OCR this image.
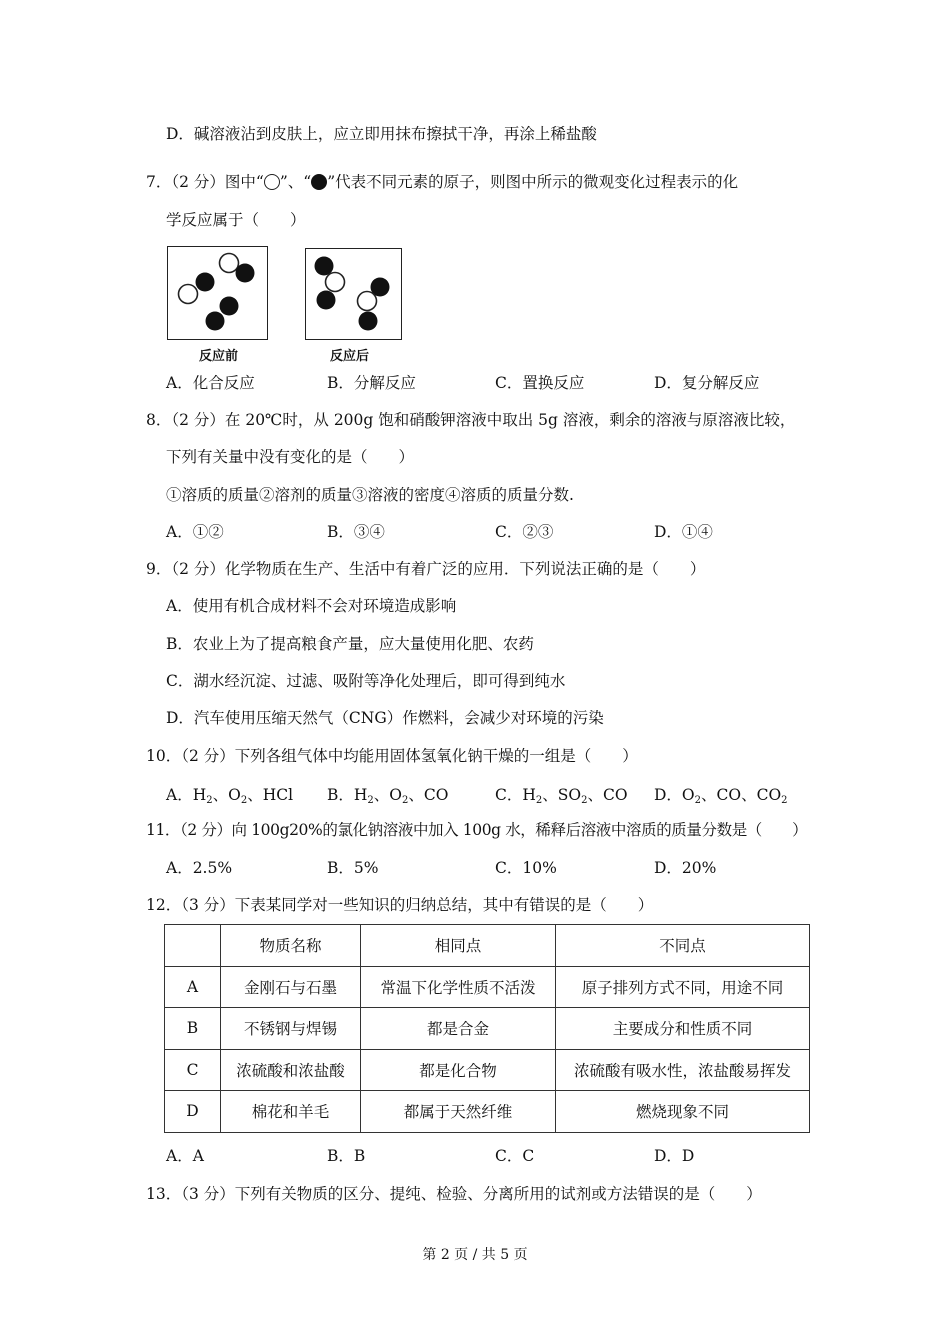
D．碱溶液沾到皮肤上，应立即用抹布擦拭干净，再涂上稀盐酸
7．（2 分）图中“ ”、“ ”代表不同元素的原子，则图中所示的微观变化过程表示的化
学反应属于（　　）
反应前	反应后
A．化合反应	B．分解反应	C．置换反应	D．复分解反应
8．（2 分）在 20℃时，从 200g 饱和硝酸钾溶液中取出 5g 溶液，剩余的溶液与原溶液比较，
下列有关量中没有变化的是（　　）
①溶质的质量②溶剂的质量③溶液的密度④溶质的质量分数.
A．①②	B．③④	C．②③	D．①④
9．（2 分）化学物质在生产、生活中有着广泛的应用．下列说法正确的是（　　）
A．使用有机合成材料不会对环境造成影响
B．农业上为了提高粮食产量，应大量使用化肥、农药
C．湖水经沉淀、过滤、吸附等净化处理后，即可得到纯水
D．汽车使用压缩天然气（CNG）作燃料，会减少对环境的污染
10．（2 分）下列各组气体中均能用固体氢氧化钠干燥的一组是（　　）
A．$H_2$、$O_2$、HCl B．$H_2$、$O_2$、CO	C．$H_2$、$SO_2$、CO D．$O_2$、CO、$CO_2$
11．（2 分）向 100g20%的氯化钠溶液中加入 100g 水，稀释后溶液中溶质的质量分数是（　　）
A．2.5%	B．5%	C．10%	D．20%
12．（3 分）下表某同学对一些知识的归纳总结，其中有错误的是（　　）
	物质名称	相同点	不同点
A	金刚石与石墨	常温下化学性质不活泼	原子排列方式不同，用途不同
B	不锈钢与焊锡	都是合金	主要成分和性质不同
C	浓硫酸和浓盐酸	都是化合物	浓硫酸有吸水性，浓盐酸易挥发
D	棉花和羊毛	都属于天然纤维	燃烧现象不同
A．A	B．B	C．C	D．D
13．（3 分）下列有关物质的区分、提纯、检验、分离所用的试剂或方法错误的是（　　）
第 2 页 / 共 5 页
